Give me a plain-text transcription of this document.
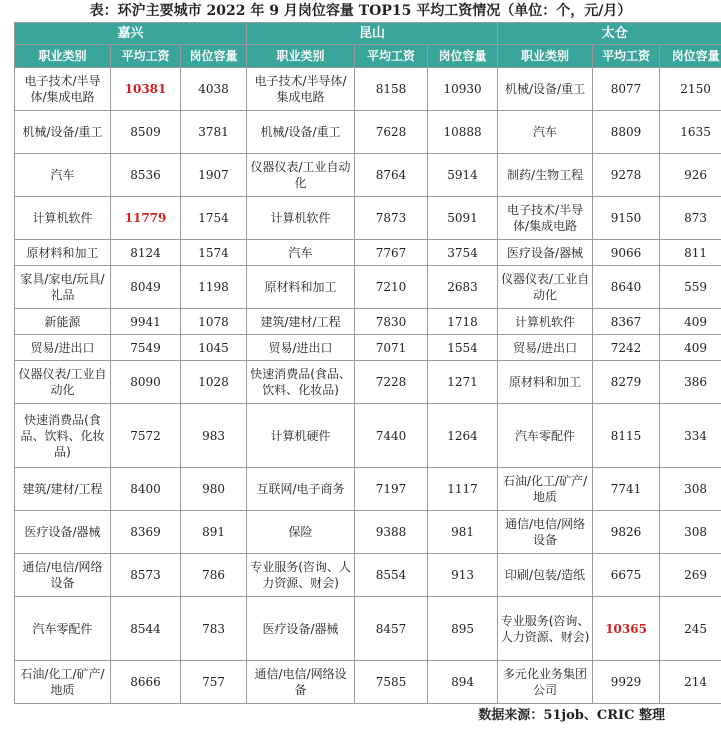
表：环沪主要城市 2022 年 9 月岗位容量 TOP15 平均工资情况（单位：个，元/月）
嘉兴			昆山			太仓		
职业类别	平均工资	岗位容量	职业类别	平均工资	岗位容量	职业类别	平均工资	岗位容量
电子技术/半导体/集成电路	10381	4038	电子技术/半导体/集成电路	8158	10930	机械/设备/重工	8077	2150
机械/设备/重工	8509	3781	机械/设备/重工	7628	10888	汽车	8809	1635
汽车	8536	1907	仪器仪表/工业自动化	8764	5914	制药/生物工程	9278	926
计算机软件	11779	1754	计算机软件	7873	5091	电子技术/半导体/集成电路	9150	873
原材料和加工	8124	1574	汽车	7767	3754	医疗设备/器械	9066	811
家具/家电/玩具/礼品	8049	1198	原材料和加工	7210	2683	仪器仪表/工业自动化	8640	559
新能源	9941	1078	建筑/建材/工程	7830	1718	计算机软件	8367	409
贸易/进出口	7549	1045	贸易/进出口	7071	1554	贸易/进出口	7242	409
仪器仪表/工业自动化	8090	1028	快速消费品(食品、饮料、化妆品)	7228	1271	原材料和加工	8279	386
快速消费品(食品、饮料、化妆品)	7572	983	计算机硬件	7440	1264	汽车零配件	8115	334
建筑/建材/工程	8400	980	互联网/电子商务	7197	1117	石油/化工/矿产/地质	7741	308
医疗设备/器械	8369	891	保险	9388	981	通信/电信/网络设备	9826	308
通信/电信/网络设备	8573	786	专业服务(咨询、人力资源、财会)	8554	913	印刷/包装/造纸	6675	269
汽车零配件	8544	783	医疗设备/器械	8457	895	专业服务(咨询、人力资源、财会)	10365	245
石油/化工/矿产/地质	8666	757	通信/电信/网络设备	7585	894	多元化业务集团公司	9929	214
数据来源：51job、CRIC 整理
